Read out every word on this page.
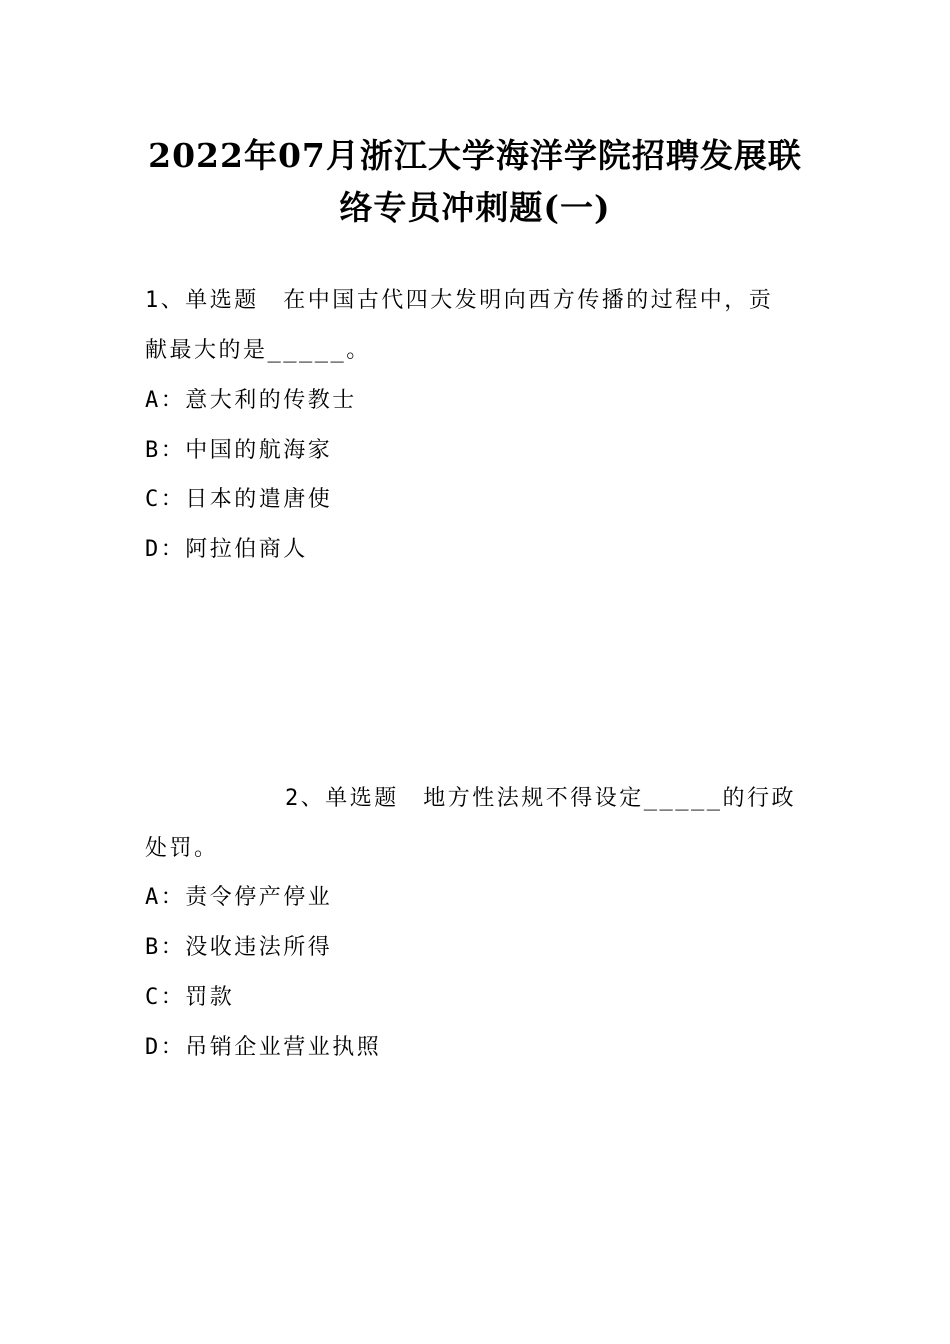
2022年07月浙江大学海洋学院招聘发展联
络专员冲刺题(一)
1、单选题　在中国古代四大发明向西方传播的过程中，贡
献最大的是_____。
A：意大利的传教士
B：中国的航海家
C：日本的遣唐使
D：阿拉伯商人
2、单选题　地方性法规不得设定_____的行政
处罚。
A：责令停产停业
B：没收违法所得
C：罚款
D：吊销企业营业执照
